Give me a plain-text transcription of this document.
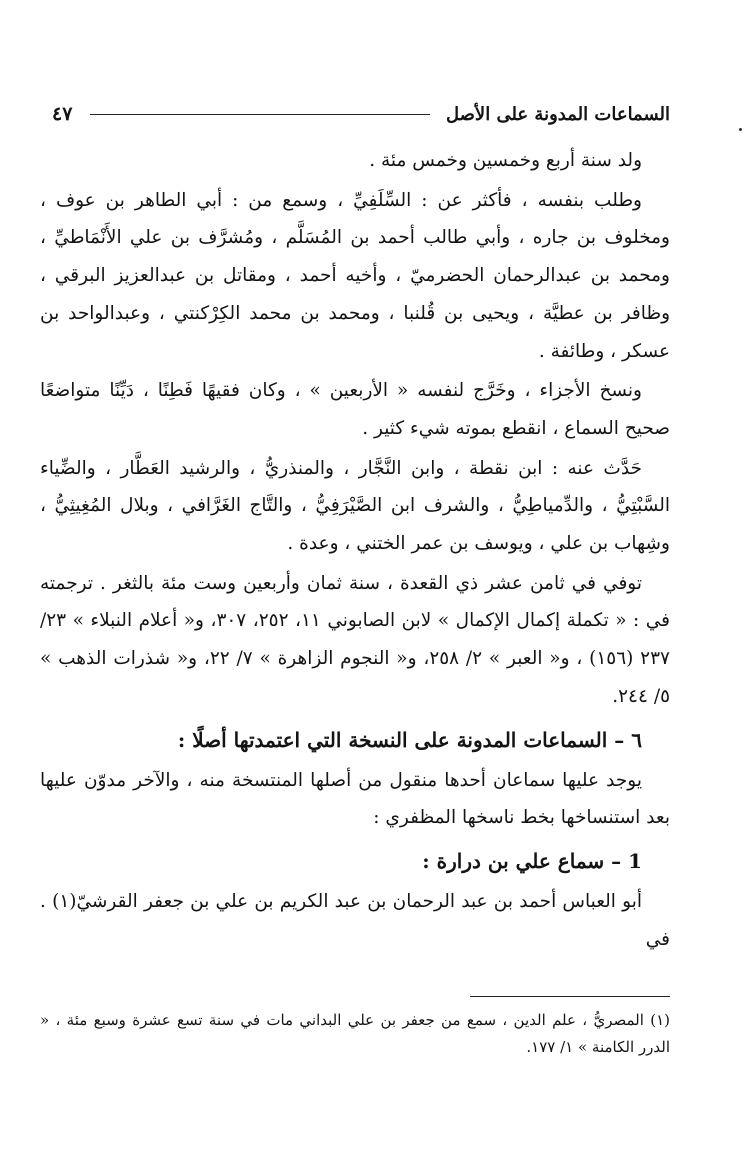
السماعات المدونة على الأصل
٤٧

ولد سنة أربع وخمسين وخمس مئة .

وطلب بنفسه ، فأكثر عن : السِّلَفِيِّ ، وسمع من : أبي الطاهر بن عوف ، ومخلوف بن جاره ، وأبي طالب أحمد بن المُسَلَّم ، ومُشرَّف بن علي الأَنْمَاطيِّ ، ومحمد بن عبدالرحمان الحضرميّ ، وأخيه أحمد ، ومقاتل بن عبدالعزيز البرقي ، وظافر بن عطيَّة ، ويحيى بن قُلنبا ، ومحمد بن محمد الكِرْكنتي ، وعبدالواحد بن عسكر ، وطائفة .

ونسخ الأجزاء ، وخَرَّج لنفسه « الأربعين » ، وكان فقيهًا فَطِنًا ، دَيِّنًا متواضعًا صحيح السماع ، انقطع بموته شيء كثير .

حَدَّث عنه : ابن نقطة ، وابن النَّجَّار ، والمنذريُّ ، والرشيد العَطَّار ، والضِّياء السَّبْتِيُّ ، والدِّمياطِيُّ ، والشرف ابن الصَّيْرَفِيُّ ، والتَّاج الغَرَّافي ، وبلال المُغِيثِيُّ ، وشِهاب بن علي ، ويوسف بن عمر الختني ، وعدة .

توفي في ثامن عشر ذي القعدة ، سنة ثمان وأربعين وست مئة بالثغر . ترجمته في : « تكملة إكمال الإكمال » لابن الصابوني ١١، ٢٥٢، ٣٠٧، و« أعلام النبلاء » ٢٣/ ٢٣٧ (١٥٦) ، و« العبر » ٢/ ٢٥٨، و« النجوم الزاهرة » ٧/ ٢٢، و« شذرات الذهب » ٥/ ٢٤٤.

٦ – السماعات المدونة على النسخة التي اعتمدتها أصلًا :

يوجد عليها سماعان أحدها منقول من أصلها المنتسخة منه ، والآخر مدوّن عليها بعد استنساخها بخط ناسخها المظفري :

1 – سماع علي بن درارة :

أبو العباس أحمد بن عبد الرحمان بن عبد الكريم بن علي بن جعفر القرشيّ(١) . في

(١) المصريُّ ، علم الدين ، سمع من جعفر بن علي البداني مات في سنة تسع عشرة وسبع مئة ، « الدرر الكامنة » ١/ ١٧٧.
